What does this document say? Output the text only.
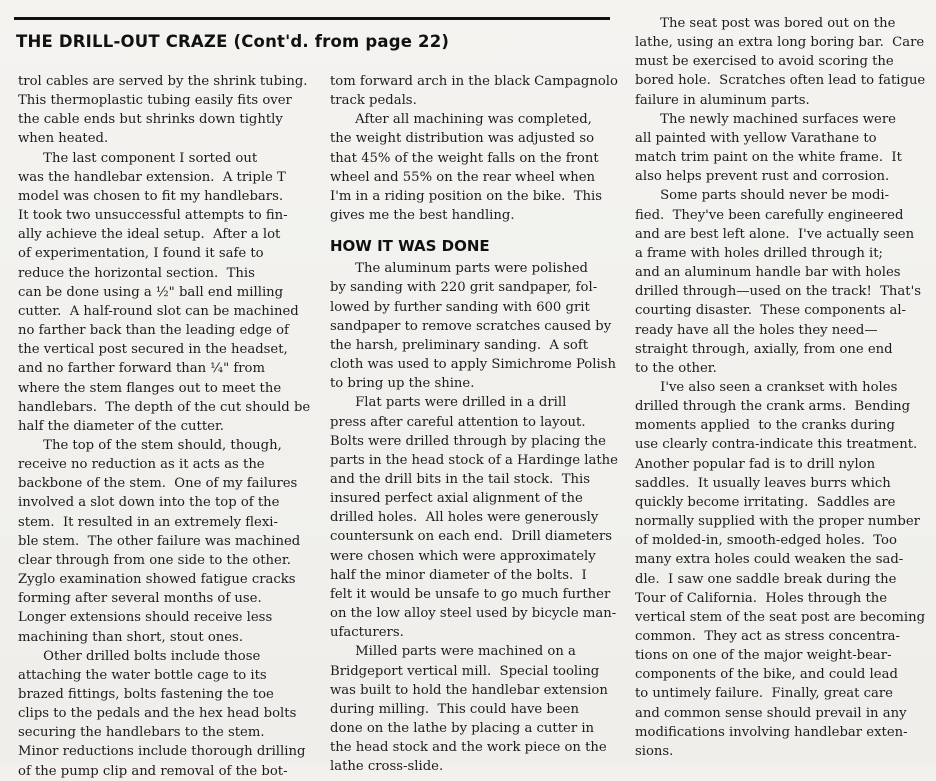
THE DRILL-OUT CRAZE (Cont'd. from page 22)

trol cables are served by the shrink tubing.

This thermoplastic tubing easily fits over

the cable ends but shrinks down tightly

when heated.

The last component I sorted out

was the handlebar extension.  A triple T

model was chosen to fit my handlebars.

It took two unsuccessful attempts to fin-

ally achieve the ideal setup.  After a lot

of experimentation, I found it safe to

reduce the horizontal section.  This

can be done using a ½" ball end milling

cutter.  A half-round slot can be machined

no farther back than the leading edge of

the vertical post secured in the headset,

and no farther forward than ¼" from

where the stem flanges out to meet the

handlebars.  The depth of the cut should be

half the diameter of the cutter.

The top of the stem should, though,

receive no reduction as it acts as the

backbone of the stem.  One of my failures

involved a slot down into the top of the

stem.  It resulted in an extremely flexi-

ble stem.  The other failure was machined

clear through from one side to the other.

Zyglo examination showed fatigue cracks

forming after several months of use.

Longer extensions should receive less

machining than short, stout ones.

Other drilled bolts include those

attaching the water bottle cage to its

brazed fittings, bolts fastening the toe

clips to the pedals and the hex head bolts

securing the handlebars to the stem.

Minor reductions include thorough drilling

of the pump clip and removal of the bot-

tom forward arch in the black Campagnolo

track pedals.

After all machining was completed,

the weight distribution was adjusted so

that 45% of the weight falls on the front

wheel and 55% on the rear wheel when

I'm in a riding position on the bike.  This

gives me the best handling.

HOW IT WAS DONE

The aluminum parts were polished

by sanding with 220 grit sandpaper, fol-

lowed by further sanding with 600 grit

sandpaper to remove scratches caused by

the harsh, preliminary sanding.  A soft

cloth was used to apply Simichrome Polish

to bring up the shine.

Flat parts were drilled in a drill

press after careful attention to layout.

Bolts were drilled through by placing the

parts in the head stock of a Hardinge lathe

and the drill bits in the tail stock.  This

insured perfect axial alignment of the

drilled holes.  All holes were generously

countersunk on each end.  Drill diameters

were chosen which were approximately

half the minor diameter of the bolts.  I

felt it would be unsafe to go much further

on the low alloy steel used by bicycle man-

ufacturers.

Milled parts were machined on a

Bridgeport vertical mill.  Special tooling

was built to hold the handlebar extension

during milling.  This could have been

done on the lathe by placing a cutter in

the head stock and the work piece on the

lathe cross-slide.

The seat post was bored out on the

lathe, using an extra long boring bar.  Care

must be exercised to avoid scoring the

bored hole.  Scratches often lead to fatigue

failure in aluminum parts.

The newly machined surfaces were

all painted with yellow Varathane to

match trim paint on the white frame.  It

also helps prevent rust and corrosion.

Some parts should never be modi-

fied.  They've been carefully engineered

and are best left alone.  I've actually seen

a frame with holes drilled through it;

and an aluminum handle bar with holes

drilled through—used on the track!  That's

courting disaster.  These components al-

ready have all the holes they need—

straight through, axially, from one end

to the other.

I've also seen a crankset with holes

drilled through the crank arms.  Bending

moments applied  to the cranks during

use clearly contra-indicate this treatment.

Another popular fad is to drill nylon

saddles.  It usually leaves burrs which

quickly become irritating.  Saddles are

normally supplied with the proper number

of molded-in, smooth-edged holes.  Too

many extra holes could weaken the sad-

dle.  I saw one saddle break during the

Tour of California.  Holes through the

vertical stem of the seat post are becoming

common.  They act as stress concentra-

tions on one of the major weight-bear-

components of the bike, and could lead

to untimely failure.  Finally, great care

and common sense should prevail in any

modifications involving handlebar exten-

sions.
